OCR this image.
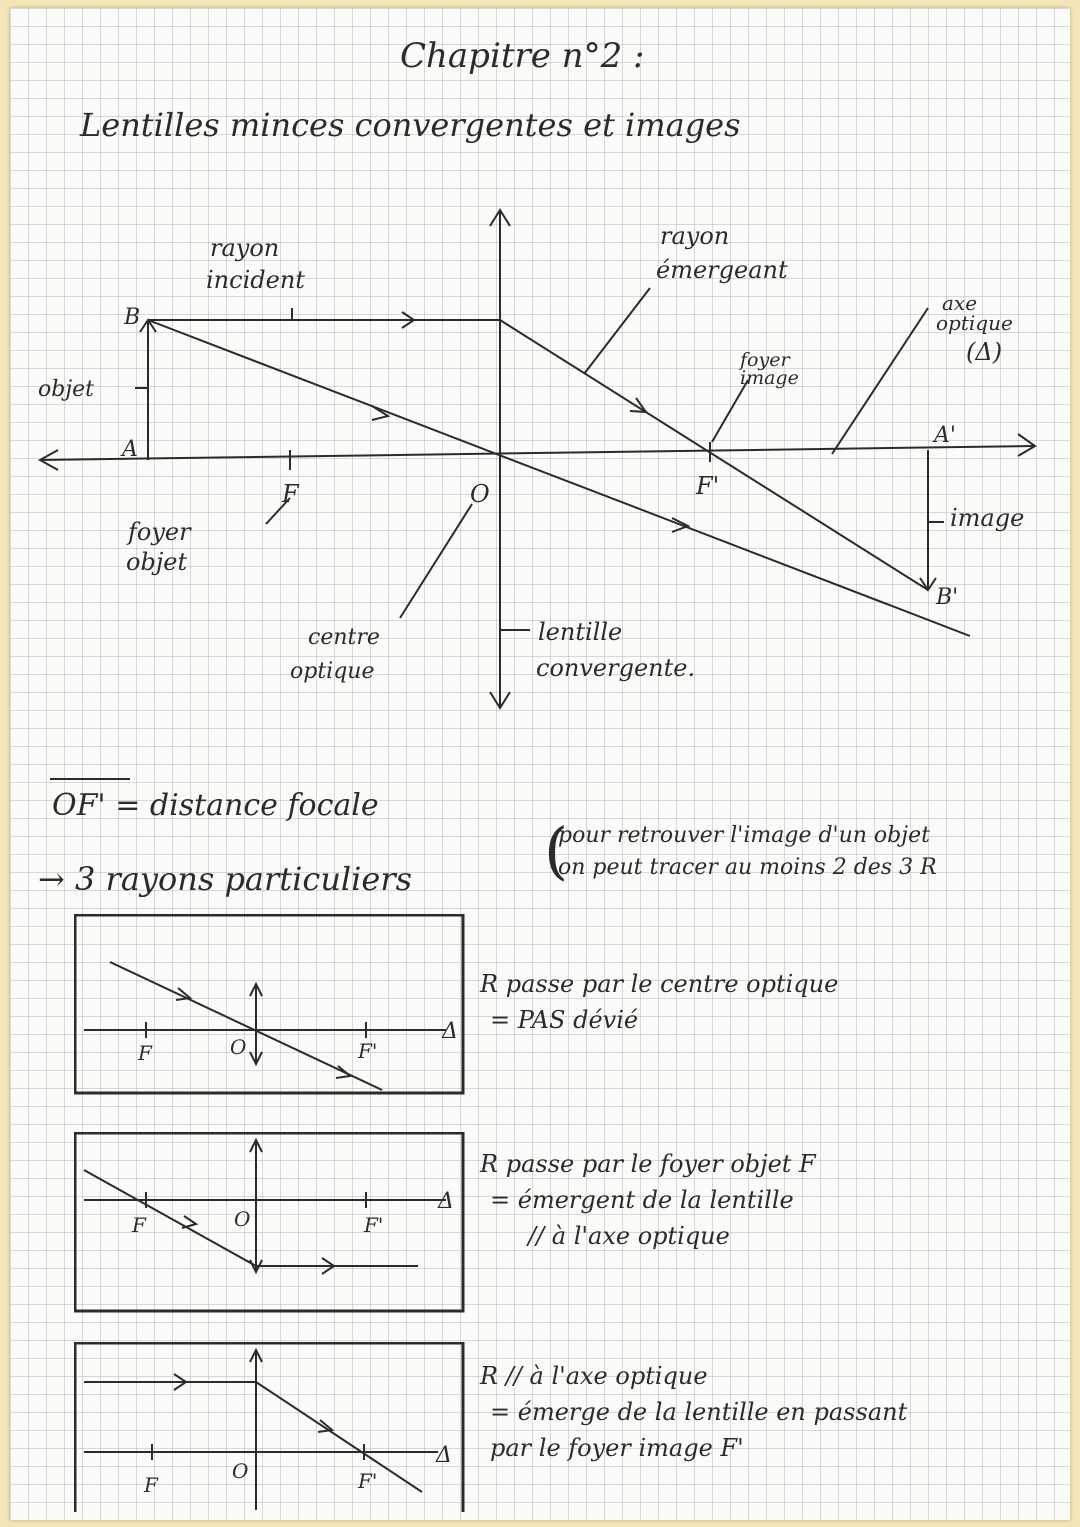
Chapitre n°2 :
Lentilles minces convergentes et images
B
A
objet
F	O	F'
A'
B'
image
rayon
incident
rayon
émergeant
axe
optique
(Δ)
foyer
image
foyer
objet
centre
optique
lentille
convergente.
OF' = distance focale
→ 3 rayons particuliers (
pour retrouver l'image d'un objet
on peut tracer au moins 2 des 3 R
F	O	F'
Δ
F	O	F'
Δ
F
O	F'
Δ
R passe par le centre optique
= PAS dévié
R passe par le foyer objet F
= émergent de la lentille
// à l'axe optique
R // à l'axe optique
= émerge de la lentille en passant
par le foyer image F'
